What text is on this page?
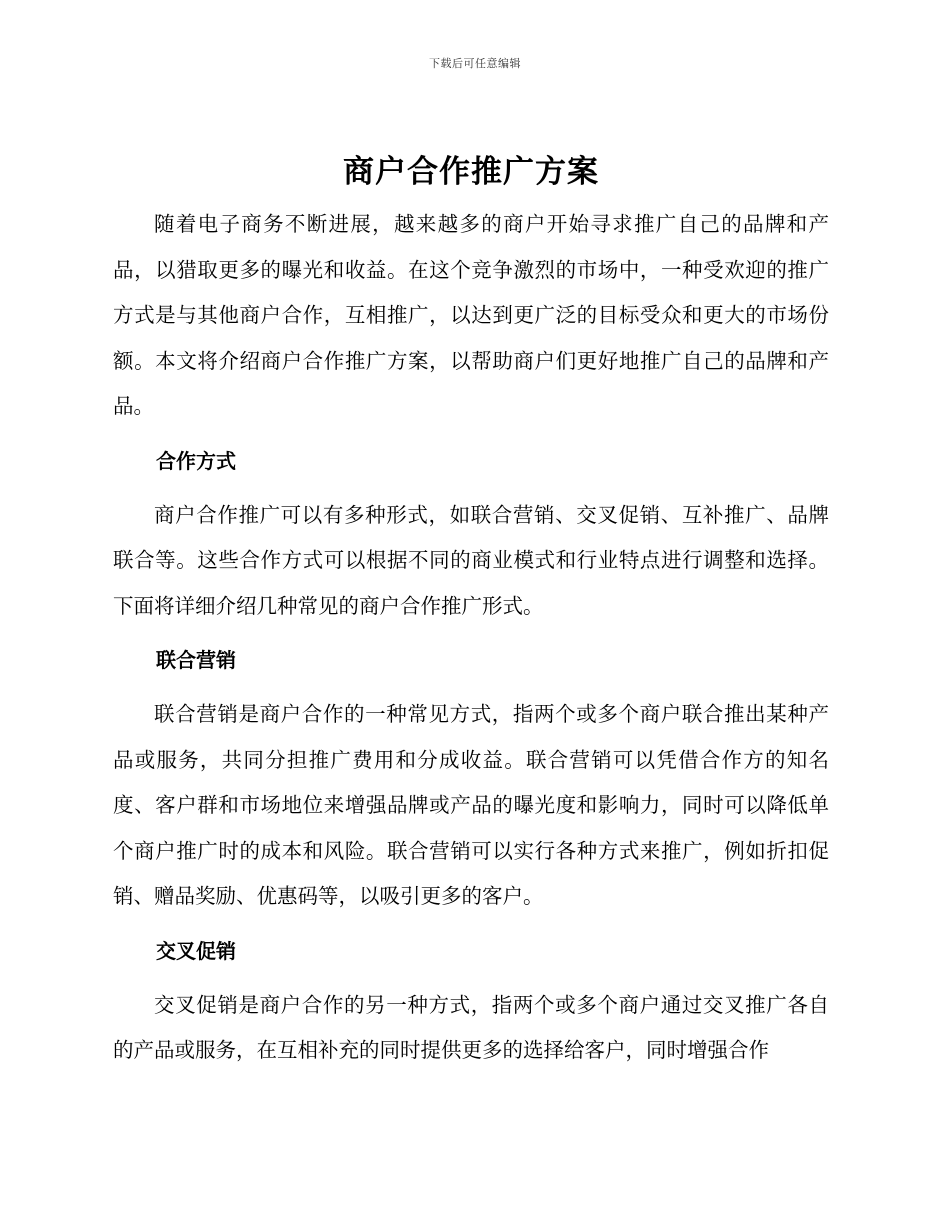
下载后可任意编辑
商户合作推广方案

随着电子商务不断进展，越来越多的商户开始寻求推广自己的品牌和产品，以猎取更多的曝光和收益。在这个竞争激烈的市场中，一种受欢迎的推广方式是与其他商户合作，互相推广，以达到更广泛的目标受众和更大的市场份额。本文将介绍商户合作推广方案，以帮助商户们更好地推广自己的品牌和产品。

合作方式

商户合作推广可以有多种形式，如联合营销、交叉促销、互补推广、品牌联合等。这些合作方式可以根据不同的商业模式和行业特点进行调整和选择。下面将详细介绍几种常见的商户合作推广形式。

联合营销

联合营销是商户合作的一种常见方式，指两个或多个商户联合推出某种产品或服务，共同分担推广费用和分成收益。联合营销可以凭借合作方的知名度、客户群和市场地位来增强品牌或产品的曝光度和影响力，同时可以降低单个商户推广时的成本和风险。联合营销可以实行各种方式来推广，例如折扣促销、赠品奖励、优惠码等，以吸引更多的客户。

交叉促销

交叉促销是商户合作的另一种方式，指两个或多个商户通过交叉推广各自的产品或服务，在互相补充的同时提供更多的选择给客户，同时增强合作
